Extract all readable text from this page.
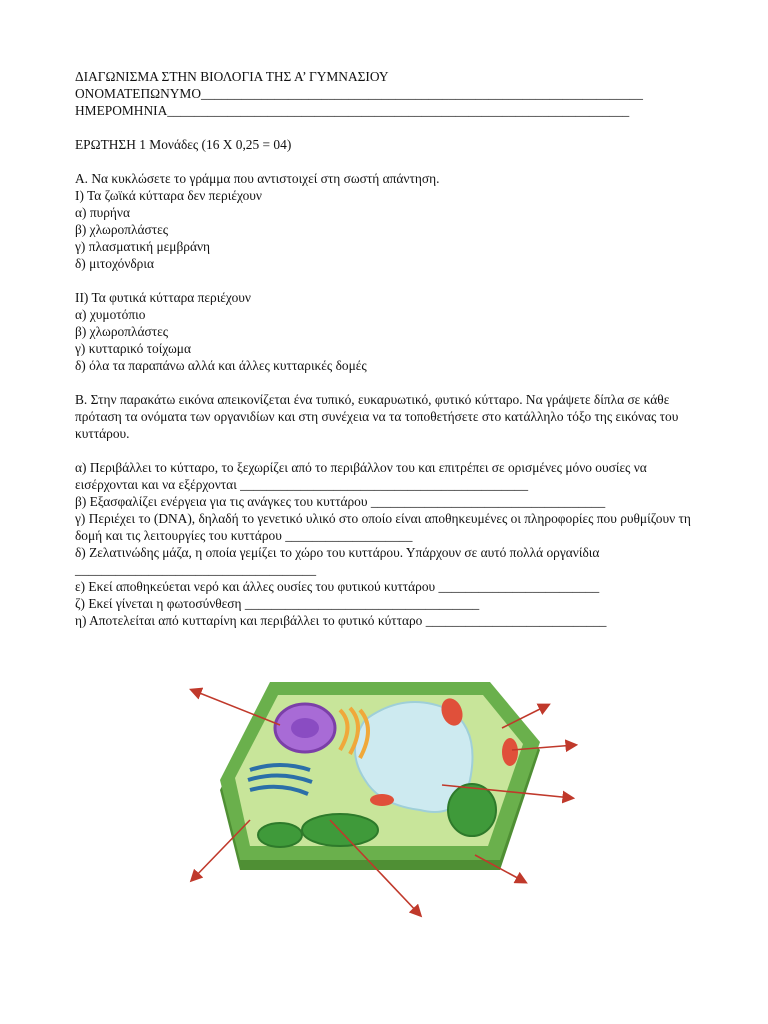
ΔΙΑΓΩΝΙΣΜΑ ΣΤΗΝ ΒΙΟΛΟΓΙΑ ΤΗΣ Α’ ΓΥΜΝΑΣΙΟΥ
ΟΝΟΜΑΤΕΠΩΝΥΜΟ__________________________________________________________________
ΗΜΕΡΟΜΗΝΙΑ_____________________________________________________________________
ΕΡΩΤΗΣΗ 1 Μονάδες (16 Χ 0,25 = 04)
Α. Να κυκλώσετε το γράμμα που αντιστοιχεί στη σωστή απάντηση.
Ι) Τα ζωϊκά κύτταρα δεν περιέχουν
α) πυρήνα
β) χλωροπλάστες
γ) πλασματική μεμβράνη
δ) μιτοχόνδρια
ΙΙ) Τα φυτικά κύτταρα περιέχουν
α) χυμοτόπιο
β) χλωροπλάστες
γ) κυτταρικό τοίχωμα
δ) όλα τα παραπάνω αλλά και άλλες κυτταρικές δομές
Β. Στην παρακάτω εικόνα απεικονίζεται ένα τυπικό, ευκαρυωτικό, φυτικό κύτταρο. Να γράψετε δίπλα σε κάθε πρόταση τα ονόματα των οργανιδίων και στη συνέχεια να τα τοποθετήσετε στο κατάλληλο τόξο της εικόνας του κυττάρου.
α) Περιβάλλει το κύτταρο, το ξεχωρίζει από το περιβάλλον του και επιτρέπει σε ορισμένες μόνο ουσίες να εισέρχονται και να εξέρχονται ___________________________________________
β) Εξασφαλίζει ενέργεια για τις ανάγκες του κυττάρου ___________________________________
γ) Περιέχει το (DNA), δηλαδή το γενετικό υλικό στο οποίο είναι αποθηκευμένες οι πληροφορίες που ρυθμίζουν τη δομή και τις λειτουργίες του κυττάρου ___________________
δ) Ζελατινώδης μάζα, η οποία γεμίζει το χώρο του κυττάρου. Υπάρχουν σε αυτό πολλά οργανίδια ____________________________________
ε) Εκεί αποθηκεύεται νερό και άλλες ουσίες του φυτικού κυττάρου ________________________
ζ) Εκεί γίνεται η φωτοσύνθεση ___________________________________
η) Αποτελείται από κυτταρίνη και περιβάλλει το φυτικό κύτταρο ___________________________
